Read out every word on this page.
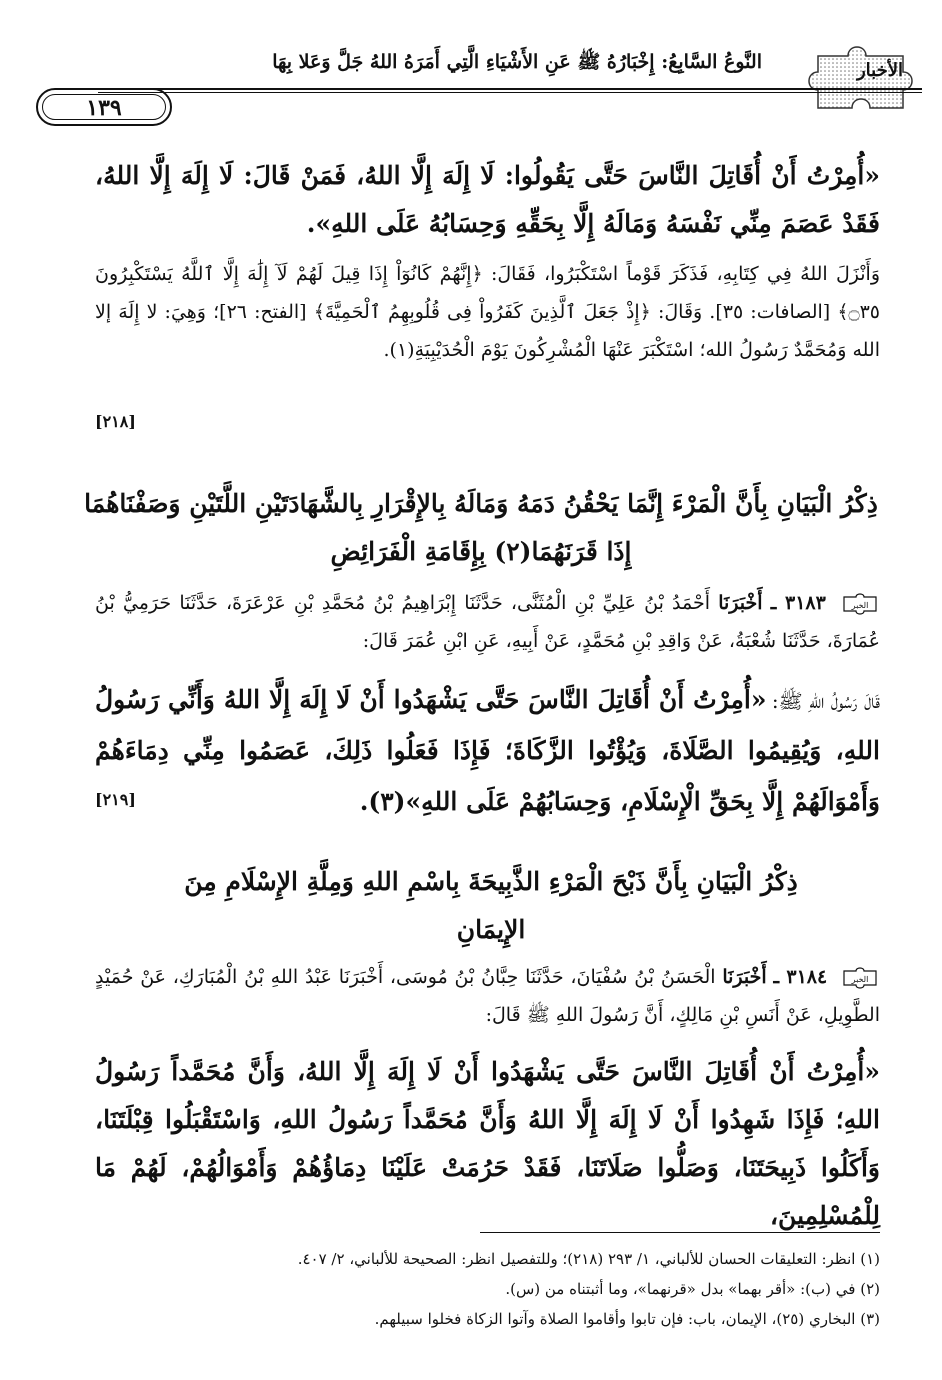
الأخبار
النَّوعُ السَّابِعُ: إِخْبَارُهُ ﷺ عَنِ الأَشْيَاءِ الَّتِي أَمَرَهُ اللهُ جَلَّ وَعَلا بِهَا
١٣٩
«أُمِرْتُ أَنْ أُقَاتِلَ النَّاسَ حَتَّى يَقُولُوا: لَا إِلَهَ إِلَّا اللهُ، فَمَنْ قَالَ: لَا إِلَهَ إِلَّا اللهُ، فَقَدْ عَصَمَ مِنِّي نَفْسَهُ وَمَالَهُ إِلَّا بِحَقِّهِ وَحِسَابُهُ عَلَى اللهِ».
وَأَنْزَلَ اللهُ فِي كِتَابِهِ، فَذَكَرَ قَوْماً اسْتَكْبَرُوا، فَقَالَ: ﴿إِنَّهُمْ كَانُوٓاْ إِذَا قِيلَ لَهُمْ لَآ إِلَٰهَ إِلَّا ٱللَّهُ يَسْتَكْبِرُونَ ۝٣٥﴾ [الصافات: ٣٥]. وَقَالَ: ﴿إِذْ جَعَلَ ٱلَّذِينَ كَفَرُواْ فِى قُلُوبِهِمُ ٱلْحَمِيَّةَ﴾ [الفتح: ٢٦]؛ وَهِيَ: لا إِلَهَ إلا الله وَمُحَمَّدٌ رَسُولُ الله؛ اسْتَكْبَرَ عَنْهَا الْمُشْرِكُونَ يَوْمَ الْحُدَيْبِيَةِ(١).
[٢١٨]
ذِكْرُ الْبَيَانِ بِأَنَّ الْمَرْءَ إِنَّمَا يَحْقُنُ دَمَهُ وَمَالَهُ بِالإِقْرَارِ بِالشَّهَادَتَيْنِ اللَّتَيْنِ وَصَفْنَاهُمَا إِذَا قَرَنَهُمَا(٢) بِإِقَامَةِ الْفَرَائِضِ
الخبر
٣١٨٣ ـ أَخْبَرَنَا أَحْمَدُ بْنُ عَلِيِّ بْنِ الْمُثَنَّى، حَدَّثَنَا إِبْرَاهِيمُ بْنُ مُحَمَّدِ بْنِ عَرْعَرَةَ، حَدَّثَنَا حَرَمِيُّ بْنُ عُمَارَةَ، حَدَّثَنَا شُعْبَةُ، عَنْ وَاقِدِ بْنِ مُحَمَّدٍ، عَنْ أَبِيهِ، عَنِ ابْنِ عُمَرَ قَالَ:
قَالَ رَسُولُ اللهِ ﷺ: «أُمِرْتُ أَنْ أُقَاتِلَ النَّاسَ حَتَّى يَشْهَدُوا أَنْ لَا إِلَهَ إِلَّا اللهُ وَأَنِّي رَسُولُ اللهِ، وَيُقِيمُوا الصَّلَاةَ، وَيُؤْتُوا الزَّكَاةَ؛ فَإِذَا فَعَلُوا ذَلِكَ، عَصَمُوا مِنِّي دِمَاءَهُمْ وَأَمْوَالَهُمْ إِلَّا بِحَقِّ الْإِسْلَامِ، وَحِسَابُهُمْ عَلَى اللهِ»(٣).
[٢١٩]
ذِكْرُ الْبَيَانِ بِأَنَّ ذَبْحَ الْمَرْءِ الذَّبِيحَةَ بِاسْمِ اللهِ وَمِلَّةِ الإِسْلَامِ مِنَ الإِيمَانِ
الخبر
٣١٨٤ ـ أَخْبَرَنَا الْحَسَنُ بْنُ سُفْيَانَ، حَدَّثَنَا حِبَّانُ بْنُ مُوسَى، أَخْبَرَنَا عَبْدُ اللهِ بْنُ الْمُبَارَكِ، عَنْ حُمَيْدٍ الطَّوِيلِ، عَنْ أَنَسِ بْنِ مَالِكٍ، أَنَّ رَسُولَ اللهِ ﷺ قَالَ:
«أُمِرْتُ أَنْ أُقَاتِلَ النَّاسَ حَتَّى يَشْهَدُوا أَنْ لَا إِلَهَ إِلَّا اللهُ، وَأَنَّ مُحَمَّداً رَسُولُ اللهِ؛ فَإِذَا شَهِدُوا أَنْ لَا إِلَهَ إِلَّا اللهُ وَأَنَّ مُحَمَّداً رَسُولُ اللهِ، وَاسْتَقْبَلُوا قِبْلَتَنَا، وَأَكَلُوا ذَبِيحَتَنَا، وَصَلُّوا صَلَاتَنَا، فَقَدْ حَرُمَتْ عَلَيْنَا دِمَاؤُهُمْ وَأَمْوَالُهُمْ، لَهُمْ مَا لِلْمُسْلِمِينَ،
(١) انظر: التعليقات الحسان للألباني، ١/ ٢٩٣ (٢١٨)؛ وللتفصيل انظر: الصحيحة للألباني، ٢/ ٤٠٧.
(٢) في (ب): «أقر بهما» بدل «قرنهما»، وما أثبتناه من (س).
(٣) البخاري (٢٥)، الإيمان، باب: فإن تابوا وأقاموا الصلاة وآتوا الزكاة فخلوا سبيلهم.
